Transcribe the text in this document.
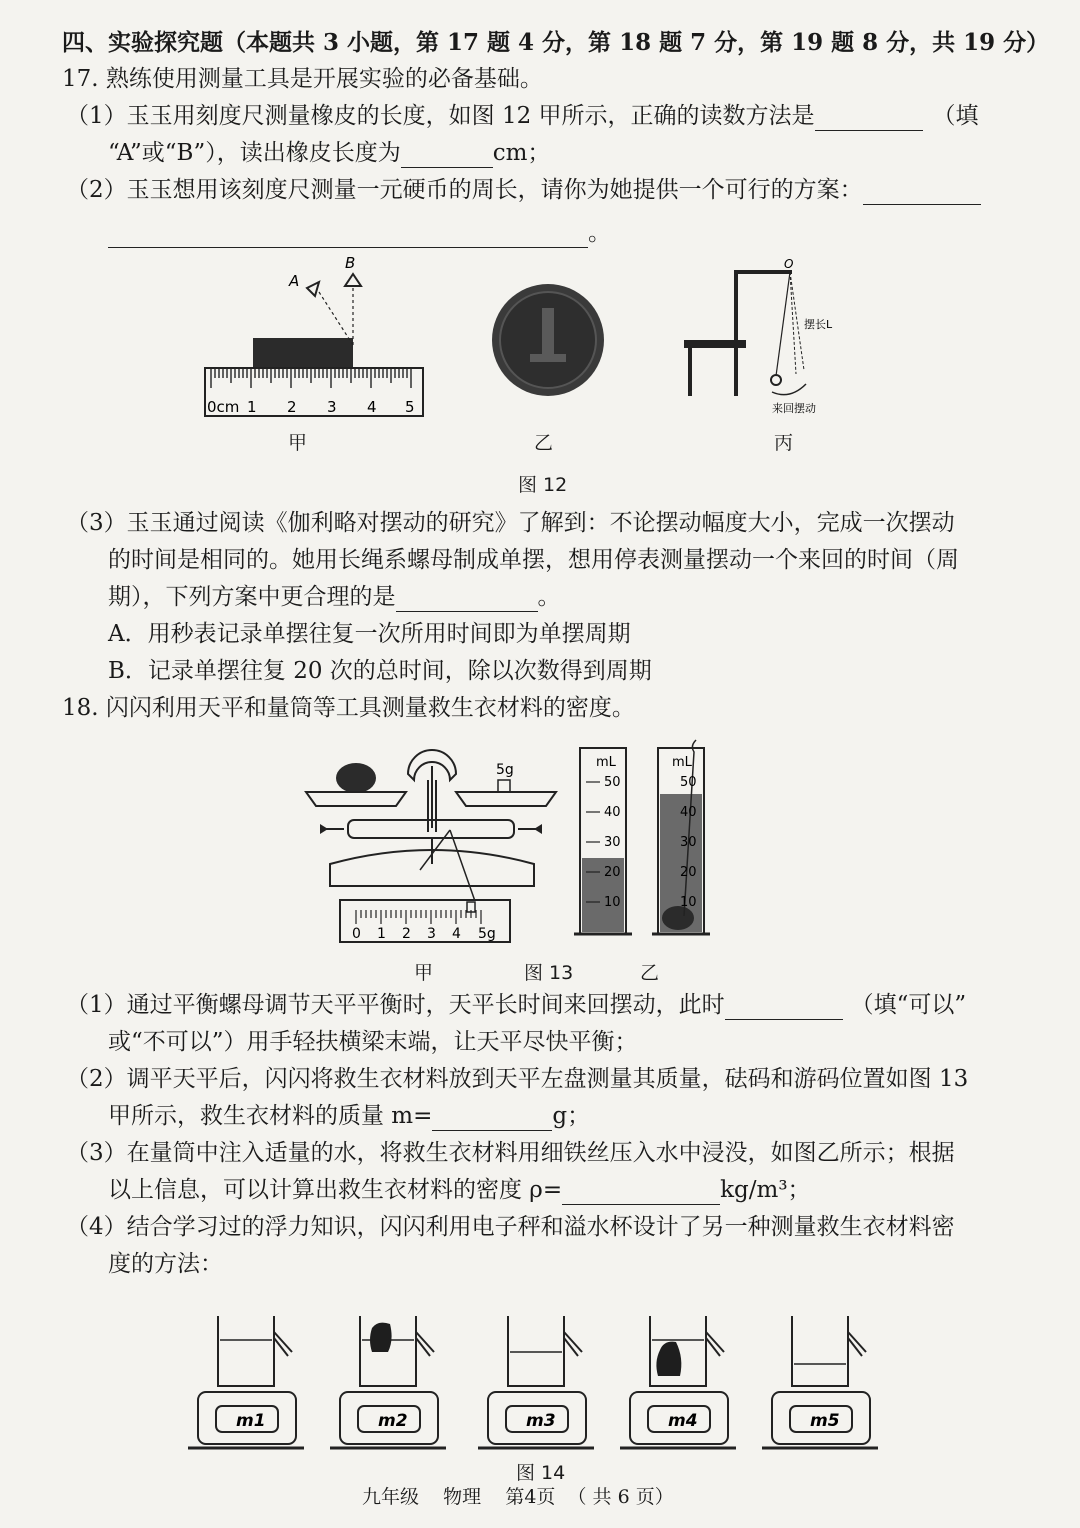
四、实验探究题（本题共 3 小题，第 17 题 4 分，第 18 题 7 分，第 19 题 8 分，共 19 分）
17. 熟练使用测量工具是开展实验的必备基础。
（1）玉玉用刻度尺测量橡皮的长度，如图 12 甲所示，正确的读数方法是	（填
“A”或“B”），读出橡皮长度为	cm；
（2）玉玉想用该刻度尺测量一元硬币的周长，请你为她提供一个可行的方案：
。
0cm 1 2 3 4 5
A
B	O
摆长L
来回摆动
甲	乙	丙
图 12
（3）玉玉通过阅读《伽利略对摆动的研究》了解到：不论摆动幅度大小，完成一次摆动
的时间是相同的。她用长绳系螺母制成单摆，想用停表测量摆动一个来回的时间（周
期），下列方案中更合理的是	。
A．用秒表记录单摆往复一次所用时间即为单摆周期
B．记录单摆往复 20 次的总时间，除以次数得到周期
18. 闪闪利用天平和量筒等工具测量救生衣材料的密度。
5g
0 1 2 3 4 5g
mL
50
40
30
20
10
mL
50
40
30
20
10
甲	图 13	乙
（1）通过平衡螺母调节天平平衡时，天平长时间来回摆动，此时	（填“可以”
或“不可以”）用手轻扶横梁末端，让天平尽快平衡；
（2）调平天平后，闪闪将救生衣材料放到天平左盘测量其质量，砝码和游码位置如图 13
甲所示，救生衣材料的质量 m=	g；
（3）在量筒中注入适量的水，将救生衣材料用细铁丝压入水中浸没，如图乙所示；根据
以上信息，可以计算出救生衣材料的密度 ρ=	kg/m³；
（4）结合学习过的浮力知识，闪闪利用电子秤和溢水杯设计了另一种测量救生衣材料密
度的方法：
m1	m2	m3	m4	m5
图 14
九年级    物理    第4页  （ 共 6 页）
